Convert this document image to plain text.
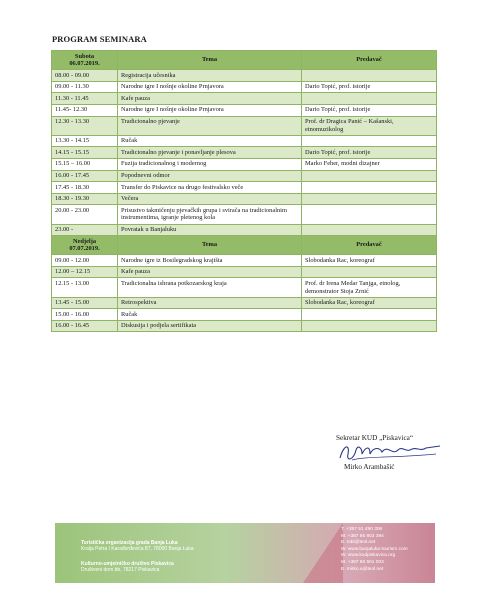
PROGRAM SEMINARA
Subota
06.07.2019.	Tema	Predavač
08.00 - 09.00	Registracija učesnika	
09.00 - 11.30	Narodne igre I nošnje okoline Prnjavora	Dario Topić, prof. istorije
11.30 - 11.45	Kafe pauza	
11.45- 12.30	Narodne igre I nošnje okoline Prnjavora	Dario Topić, prof. istorije
12.30 - 13.30	Tradicionalno pjevanje	Prof. dr Dragica Panić – Kašanski, etnomuzikolog
13.30 - 14.15	Ručak	
14.15 - 15.15	Tradicionalno pjevanje i ponavljanje plesova	Dario Topić, prof. istorije
15.15 – 16.00	Fuzija tradicionalnog i modernog	Marko Feher, modni dizajner
16.00 - 17.45	Popodnevni odmor	
17.45 - 18.30	Transfer do Piskavice na drugo festivalsko veče	
18.30 - 19.30	Večera	
20.00 - 23.00	Prisustvo takmičenju pjevačkih grupa i svirača na tradicionalnim instrumentima, igranje pletenog kola	
23.00 -	Povratak u Banjaluku	
Nedjelja
07.07.2019.	Tema	Predavač
09.00 - 12.00	Narodne igre iz Bosilegradskog krajišta	Slobodanka Rac, koreograf
12.00 – 12.15	Kafe pauza	
12.15 - 13.00	Tradicionalna ishrana potkozarskog kraja	Prof. dr Irena Medar Tanjga, etnolog, demonstrator Stoja Zrnić
13.45 - 15.00	Retrospektiva	Slobodanka Rac, koreograf
15.00 - 16.00	Ručak	
16.00 - 16.45	Diskusija i podjela sertifikata	
Sekretar KUD „Piskavica“
Mirko Arambašić
Turistička organizacija grada Banja Luka
Kralja Petra I Karađorđevića 87, 78000 Banja Luka
Kulturno-umjetničko društvo Piskavica
Društveni dom bb, 78217 Piskavica
T. +387 51 490 306
M. +387 66 803 394
E. tobl@teol.net
W. www.banjaluka-tourism.com
W. www.kudpiskavica.org
M. +387 65 501 003
E. mirko.a@teol.net
